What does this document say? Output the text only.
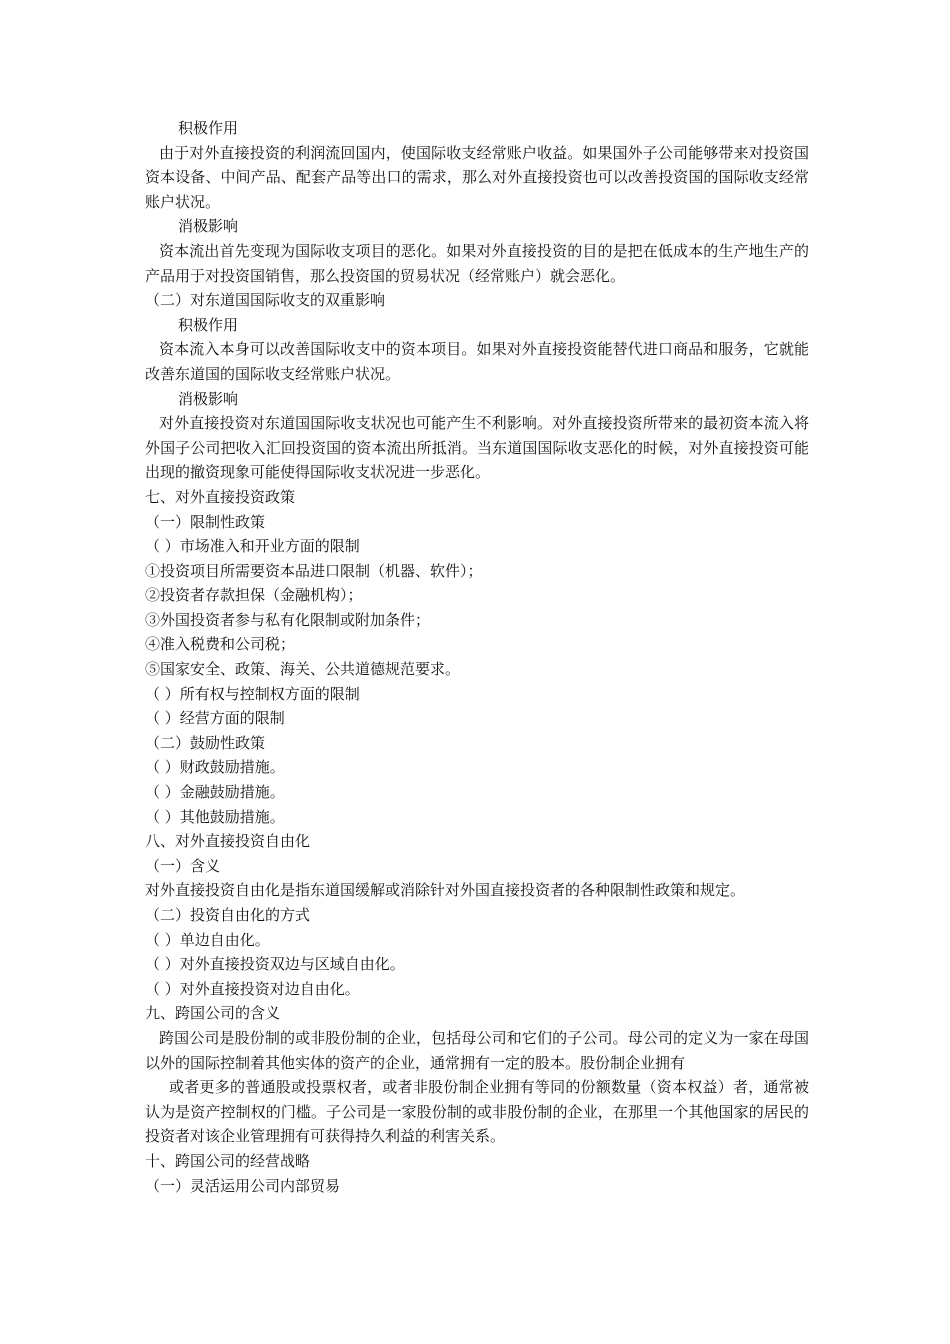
积极作用

由于对外直接投资的利润流回国内，使国际收支经常账户收益。如果国外子公司能够带来对投资国资本设备、中间产品、配套产品等出口的需求，那么对外直接投资也可以改善投资国的国际收支经常账户状况。

消极影响

资本流出首先变现为国际收支项目的恶化。如果对外直接投资的目的是把在低成本的生产地生产的产品用于对投资国销售，那么投资国的贸易状况（经常账户）就会恶化。

（二）对东道国国际收支的双重影响

积极作用

资本流入本身可以改善国际收支中的资本项目。如果对外直接投资能替代进口商品和服务，它就能改善东道国的国际收支经常账户状况。

消极影响

对外直接投资对东道国国际收支状况也可能产生不利影响。对外直接投资所带来的最初资本流入将外国子公司把收入汇回投资国的资本流出所抵消。当东道国国际收支恶化的时候，对外直接投资可能出现的撤资现象可能使得国际收支状况进一步恶化。

七、对外直接投资政策

（一）限制性政策

（ ）市场准入和开业方面的限制

①投资项目所需要资本品进口限制（机器、软件）；

②投资者存款担保（金融机构）；

③外国投资者参与私有化限制或附加条件；

④准入税费和公司税；

⑤国家安全、政策、海关、公共道德规范要求。

（ ）所有权与控制权方面的限制

（ ）经营方面的限制

（二）鼓励性政策

（ ）财政鼓励措施。

（ ）金融鼓励措施。

（ ）其他鼓励措施。

八、对外直接投资自由化

（一）含义

对外直接投资自由化是指东道国缓解或消除针对外国直接投资者的各种限制性政策和规定。

（二）投资自由化的方式

（ ）单边自由化。

（ ）对外直接投资双边与区域自由化。

（ ）对外直接投资对边自由化。

九、跨国公司的含义

跨国公司是股份制的或非股份制的企业，包括母公司和它们的子公司。母公司的定义为一家在母国以外的国际控制着其他实体的资产的企业，通常拥有一定的股本。股份制企业拥有

或者更多的普通股或投票权者，或者非股份制企业拥有等同的份额数量（资本权益）者，通常被认为是资产控制权的门槛。子公司是一家股份制的或非股份制的企业，在那里一个其他国家的居民的投资者对该企业管理拥有可获得持久利益的利害关系。

十、跨国公司的经营战略

（一）灵活运用公司内部贸易
